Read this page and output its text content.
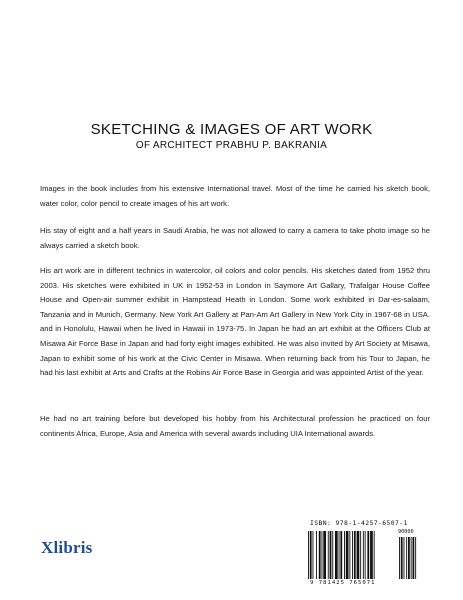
SKETCHING & IMAGES OF ART WORK
OF ARCHITECT PRABHU P. BAKRANIA
Images in the book includes from his extensive International travel. Most of the time he carried his sketch book, water color, color pencil to create images of his art work.
His stay of eight and a half years in Saudi Arabia, he was not allowed to carry a camera to take photo image so he always carried a sketch book.
His art work are in different technics in watercolor, oil colors and color pencils. His sketches dated from 1952 thru 2003. His sketches were exhibited in UK in 1952-53 in London in Saymore Art Gallary, Trafalgar House Coffee House and Open-air summer exhibit in Hampstead Heath in London. Some work exhibited in Dar-es-salaam, Tanzania and in Munich, Germany. New York Art Gallery at Pan-Am Art Gallery in New York City in 1967-68 in USA. and in Honolulu, Hawaii when he lived in Hawaii in 1973-75. In Japan he had an art exhibit at the Officers Club at Misawa Air Force Base in Japan and had forty eight images exhibited. He was also invited by Art Society at Misawa, Japan to exhibit some of his work at the Civic Center in Misawa. When returning back from his Tour to Japan, he had his last exhibit at Arts and Crafts at the Robins Air Force Base in Georgia and was appointed Artist of the year.
He had no art training before but developed his hobby from his Architectural profession he practiced on four continents Africa, Europe, Asia and America with several awards including UIA International awards.
Xlibris
ISBN: 978-1-4257-6507-1
90000
9 781425 765071
